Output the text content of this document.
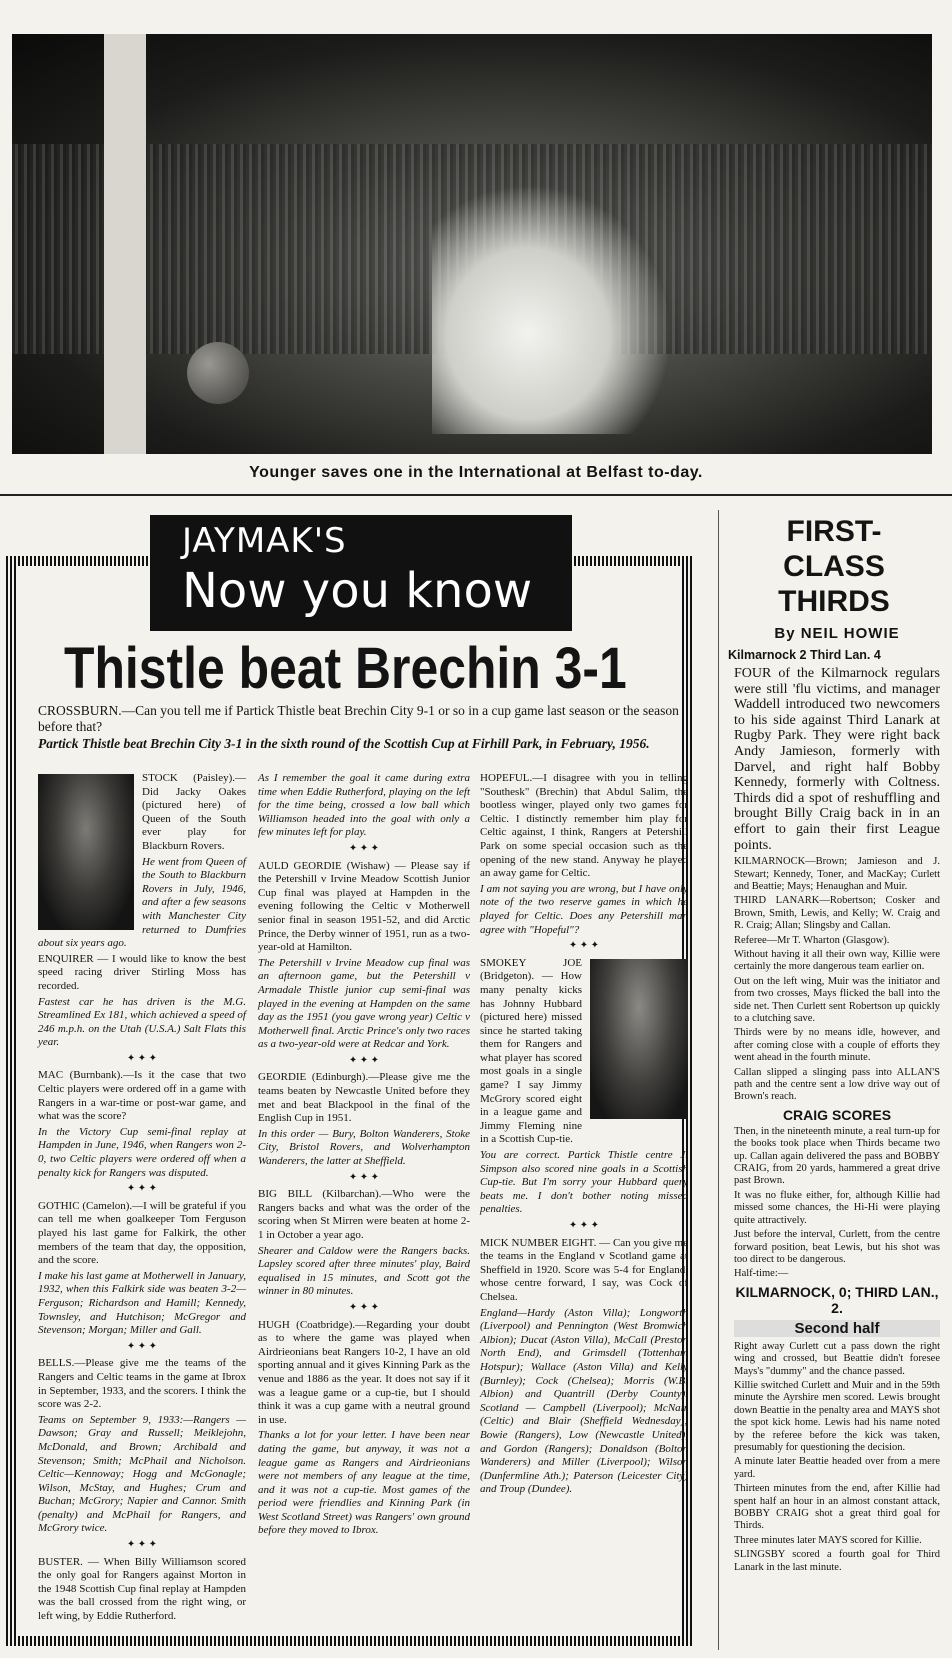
Younger saves one in the International at Belfast to-day.
JAYMAK'S
Now you know
Thistle beat Brechin 3-1
CROSSBURN.—Can you tell me if Partick Thistle beat Brechin City 9-1 or so in a cup game last season or the season before that?
Partick Thistle beat Brechin City 3-1 in the sixth round of the Scottish Cup at Firhill Park, in February, 1956.

STOCK (Paisley).—Did Jacky Oakes (pictured here) of Queen of the South ever play for Blackburn Rovers.

He went from Queen of the South to Blackburn Rovers in July, 1946, and after a few seasons with Manchester City returned to Dumfries about six years ago.

ENQUIRER — I would like to know the best speed racing driver Stirling Moss has recorded.

Fastest car he has driven is the M.G. Streamlined Ex 181, which achieved a speed of 246 m.p.h. on the Utah (U.S.A.) Salt Flats this year.

✦ ✦ ✦

MAC (Burnbank).—Is it the case that two Celtic players were ordered off in a game with Rangers in a war-time or post-war game, and what was the score?

In the Victory Cup semi-final replay at Hampden in June, 1946, when Rangers won 2-0, two Celtic players were ordered off when a penalty kick for Rangers was disputed.

✦ ✦ ✦

GOTHIC (Camelon).—I will be grateful if you can tell me when goalkeeper Tom Ferguson played his last game for Falkirk, the other members of the team that day, the opposition, and the score.

I make his last game at Motherwell in January, 1932, when this Falkirk side was beaten 3-2—Ferguson; Richardson and Hamill; Kennedy, Townsley, and Hutchison; McGregor and Stevenson; Morgan; Miller and Gall.

✦ ✦ ✦

BELLS.—Please give me the teams of the Rangers and Celtic teams in the game at Ibrox in September, 1933, and the scorers. I think the score was 2-2.

Teams on September 9, 1933:—Rangers — Dawson; Gray and Russell; Meiklejohn, McDonald, and Brown; Archibald and Stevenson; Smith; McPhail and Nicholson. Celtic—Kennoway; Hogg and McGonagle; Wilson, McStay, and Hughes; Crum and Buchan; McGrory; Napier and Cannor. Smith (penalty) and McPhail for Rangers, and McGrory twice.

✦ ✦ ✦

BUSTER. — When Billy Williamson scored the only goal for Rangers against Morton in the 1948 Scottish Cup final replay at Hampden was the ball crossed from the right wing, or left wing, by Eddie Rutherford.

As I remember the goal it came during extra time when Eddie Rutherford, playing on the left for the time being, crossed a low ball which Williamson headed into the goal with only a few minutes left for play.

✦ ✦ ✦

AULD GEORDIE (Wishaw) — Please say if the Petershill v Irvine Meadow Scottish Junior Cup final was played at Hampden in the evening following the Celtic v Motherwell senior final in season 1951-52, and did Arctic Prince, the Derby winner of 1951, run as a two-year-old at Hamilton.

The Petershill v Irvine Meadow cup final was an afternoon game, but the Petershill v Armadale Thistle junior cup semi-final was played in the evening at Hampden on the same day as the 1951 (you gave wrong year) Celtic v Motherwell final. Arctic Prince's only two races as a two-year-old were at Redcar and York.

✦ ✦ ✦

GEORDIE (Edinburgh).—Please give me the teams beaten by Newcastle United before they met and beat Blackpool in the final of the English Cup in 1951.

In this order — Bury, Bolton Wanderers, Stoke City, Bristol Rovers, and Wolverhampton Wanderers, the latter at Sheffield.

✦ ✦ ✦

BIG BILL (Kilbarchan).—Who were the Rangers backs and what was the order of the scoring when St Mirren were beaten at home 2-1 in October a year ago.

Shearer and Caldow were the Rangers backs. Lapsley scored after three minutes' play, Baird equalised in 15 minutes, and Scott got the winner in 80 minutes.

✦ ✦ ✦

HUGH (Coatbridge).—Regarding your doubt as to where the game was played when Airdrieonians beat Rangers 10-2, I have an old sporting annual and it gives Kinning Park as the venue and 1886 as the year. It does not say if it was a league game or a cup-tie, but I should think it was a cup game with a neutral ground in use.

Thanks a lot for your letter. I have been near dating the game, but anyway, it was not a league game as Rangers and Airdrieonians were not members of any league at the time, and it was not a cup-tie. Most games of the period were friendlies and Kinning Park (in West Scotland Street) was Rangers' own ground before they moved to Ibrox.

HOPEFUL.—I disagree with you in telling "Southesk" (Brechin) that Abdul Salim, the bootless winger, played only two games for Celtic. I distinctly remember him play for Celtic against, I think, Rangers at Petershill Park on some special occasion such as the opening of the new stand. Anyway he played an away game for Celtic.

I am not saying you are wrong, but I have only note of the two reserve games in which he played for Celtic. Does any Petershill man agree with "Hopeful"?

✦ ✦ ✦

SMOKEY JOE (Bridgeton). — How many penalty kicks has Johnny Hubbard (pictured here) missed since he started taking them for Rangers and what player has scored most goals in a single game? I say Jimmy McGrory scored eight in a league game and Jimmy Fleming nine in a Scottish Cup-tie.

You are correct. Partick Thistle centre J. Simpson also scored nine goals in a Scottish Cup-tie. But I'm sorry your Hubbard query beats me. I don't bother noting missed penalties.

✦ ✦ ✦

MICK NUMBER EIGHT. — Can you give me the teams in the England v Scotland game at Sheffield in 1920. Score was 5-4 for England, whose centre forward, I say, was Cock of Chelsea.

England—Hardy (Aston Villa); Longworth (Liverpool) and Pennington (West Bromwich Albion); Ducat (Aston Villa), McCall (Preston North End), and Grimsdell (Tottenham Hotspur); Wallace (Aston Villa) and Kelly (Burnley); Cock (Chelsea); Morris (W.B. Albion) and Quantrill (Derby County). Scotland — Campbell (Liverpool); McNair (Celtic) and Blair (Sheffield Wednesday); Bowie (Rangers), Low (Newcastle United), and Gordon (Rangers); Donaldson (Bolton Wanderers) and Miller (Liverpool); Wilson (Dunfermline Ath.); Paterson (Leicester City) and Troup (Dundee).

FIRST-CLASS THIRDS
By NEIL HOWIE
Kilmarnock 2 Third Lan. 4

FOUR of the Kilmarnock regulars were still 'flu victims, and manager Waddell introduced two newcomers to his side against Third Lanark at Rugby Park. They were right back Andy Jamieson, formerly with Darvel, and right half Bobby Kennedy, formerly with Coltness. Thirds did a spot of reshuffling and brought Billy Craig back in in an effort to gain their first League points.

KILMARNOCK—Brown; Jamieson and J. Stewart; Kennedy, Toner, and MacKay; Curlett and Beattie; Mays; Henaughan and Muir.

THIRD LANARK—Robertson; Cosker and Brown, Smith, Lewis, and Kelly; W. Craig and R. Craig; Allan; Slingsby and Callan.

Referee—Mr T. Wharton (Glasgow).

Without having it all their own way, Killie were certainly the more dangerous team earlier on.

Out on the left wing, Muir was the initiator and from two crosses, Mays flicked the ball into the side net. Then Curlett sent Robertson up quickly to a clutching save.

Thirds were by no means idle, however, and after coming close with a couple of efforts they went ahead in the fourth minute.

Callan slipped a slinging pass into ALLAN'S path and the centre sent a low drive way out of Brown's reach.

CRAIG SCORES

Then, in the nineteenth minute, a real turn-up for the books took place when Thirds became two up. Callan again delivered the pass and BOBBY CRAIG, from 20 yards, hammered a great drive past Brown.

It was no fluke either, for, although Killie had missed some chances, the Hi-Hi were playing quite attractively.

Just before the interval, Curlett, from the centre forward position, beat Lewis, but his shot was too direct to be dangerous.

Half-time:—

KILMARNOCK, 0; THIRD LAN., 2.
Second half

Right away Curlett cut a pass down the right wing and crossed, but Beattie didn't foresee Mays's "dummy" and the chance passed.

Killie switched Curlett and Muir and in the 59th minute the Ayrshire men scored. Lewis brought down Beattie in the penalty area and MAYS shot the spot kick home. Lewis had his name noted by the referee before the kick was taken, presumably for questioning the decision.

A minute later Beattie headed over from a mere yard.

Thirteen minutes from the end, after Killie had spent half an hour in an almost constant attack, BOBBY CRAIG shot a great third goal for Thirds.

Three minutes later MAYS scored for Killie.

SLINGSBY scored a fourth goal for Third Lanark in the last minute.
